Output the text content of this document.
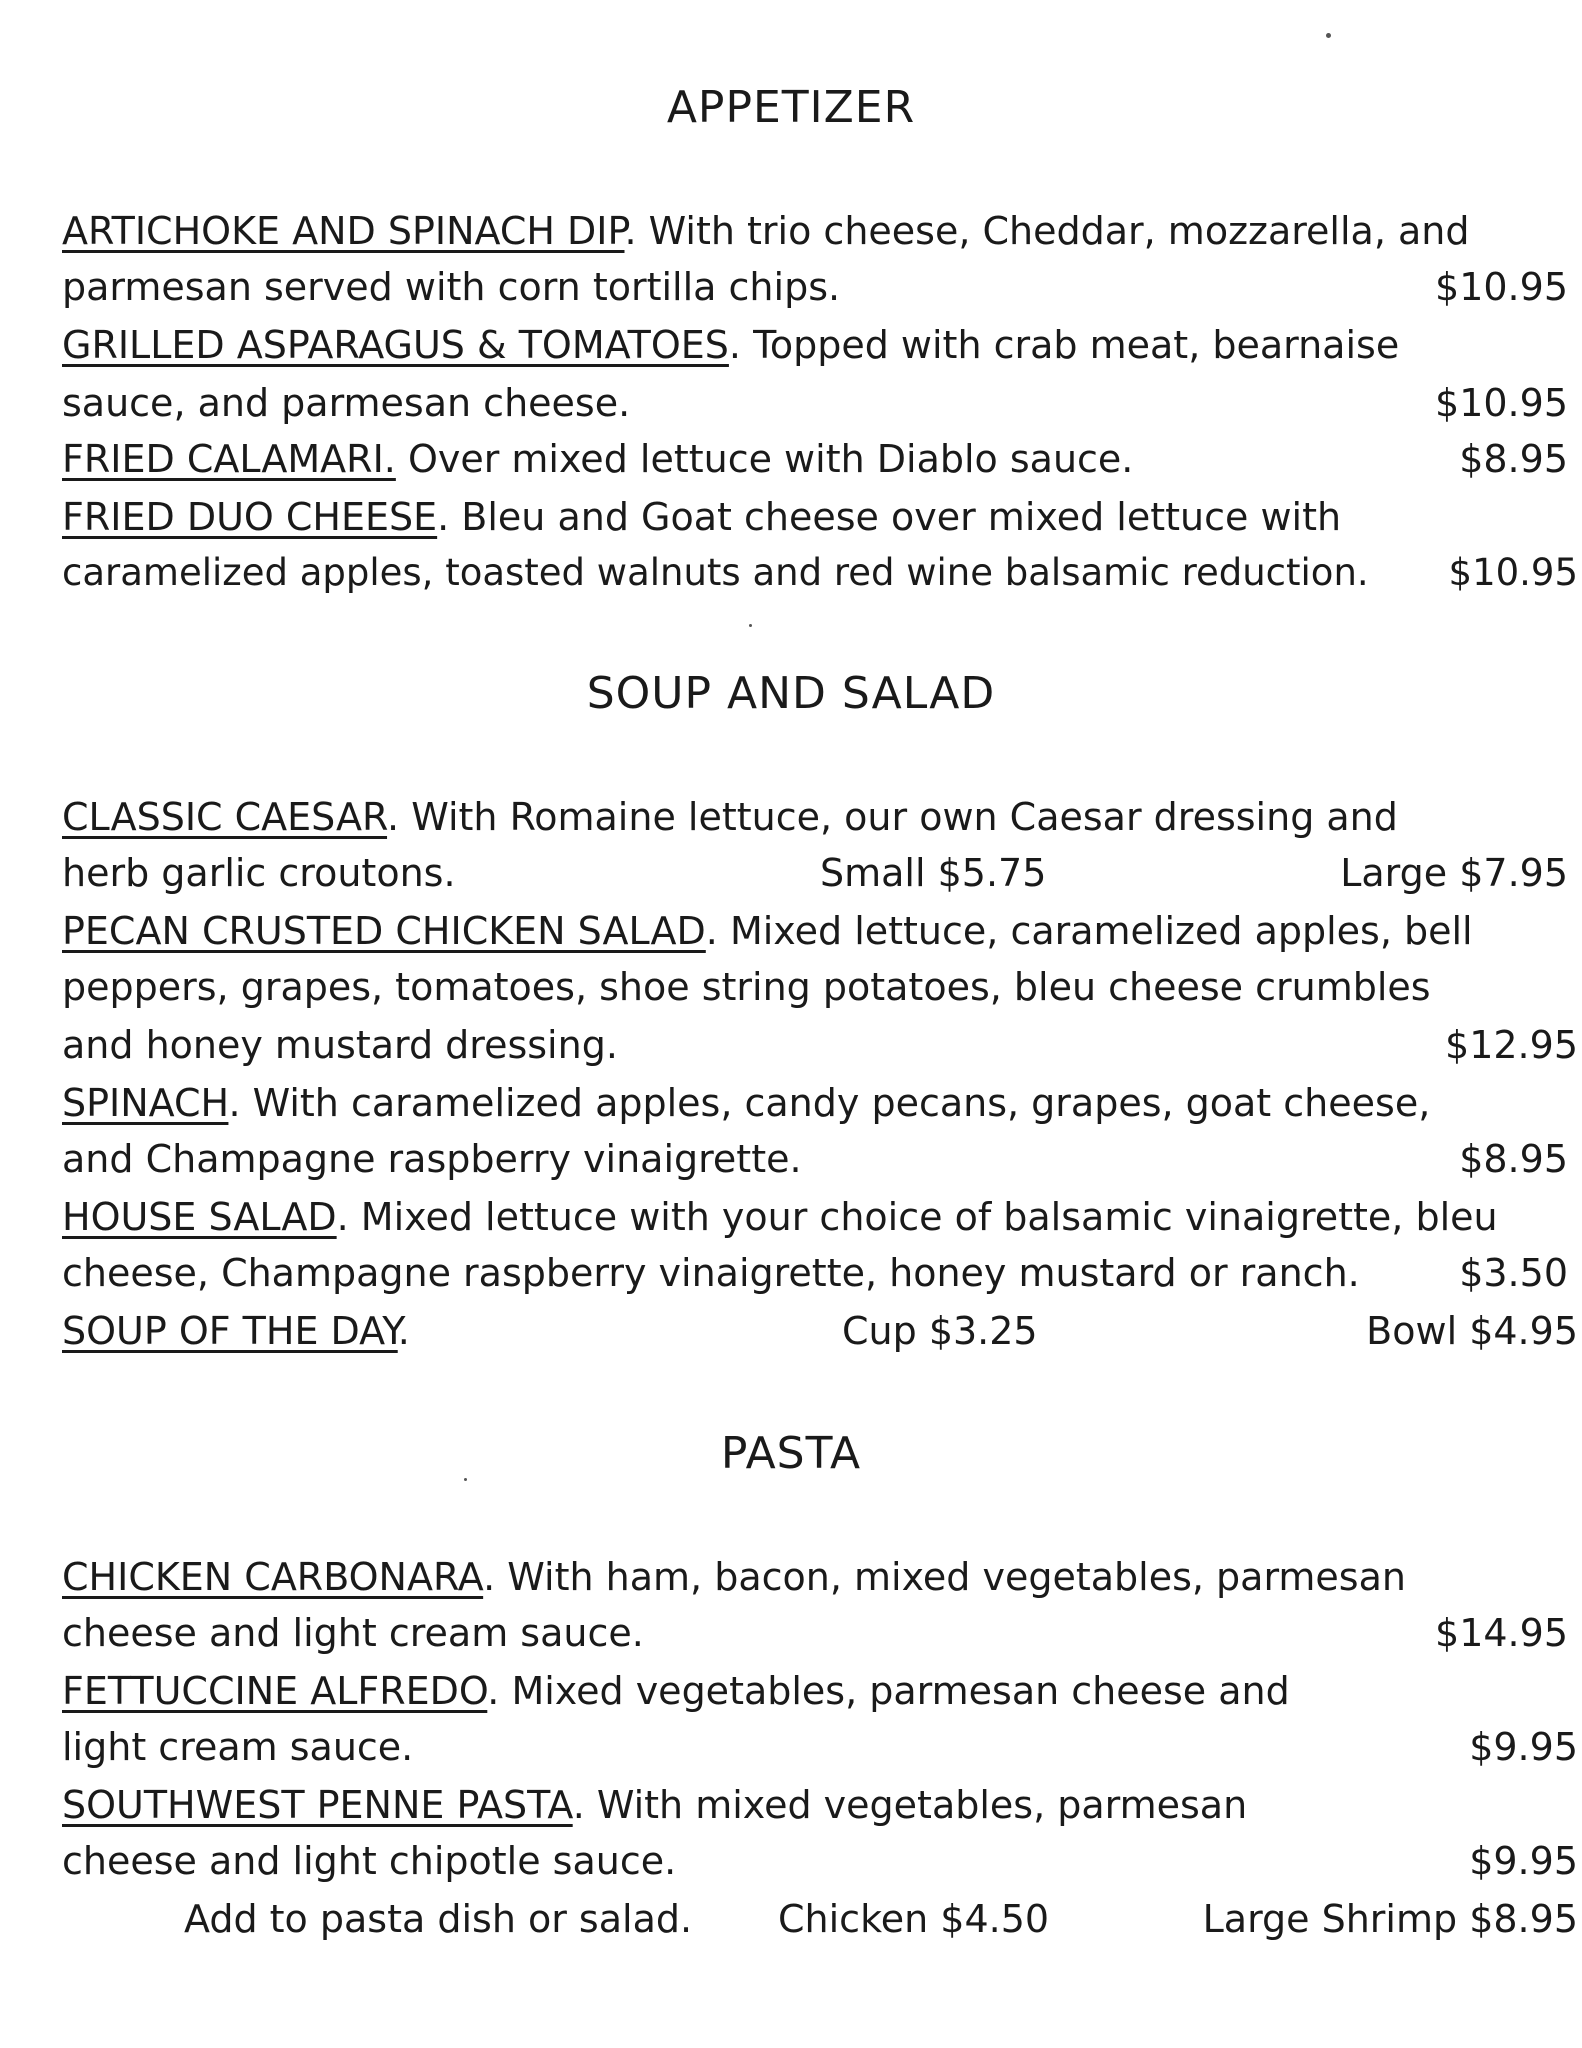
APPETIZER
ARTICHOKE AND SPINACH DIP. With trio cheese, Cheddar, mozzarella, and
parmesan served with corn tortilla chips.	$10.95
GRILLED ASPARAGUS & TOMATOES. Topped with crab meat, bearnaise
sauce, and parmesan cheese.	$10.95
FRIED CALAMARI. Over mixed lettuce with Diablo sauce.	$8.95
FRIED DUO CHEESE. Bleu and Goat cheese over mixed lettuce with
caramelized apples, toasted walnuts and red wine balsamic reduction. $10.95
SOUP AND SALAD
CLASSIC CAESAR. With Romaine lettuce, our own Caesar dressing and
herb garlic croutons.	Small $5.75	Large $7.95
PECAN CRUSTED CHICKEN SALAD. Mixed lettuce, caramelized apples, bell
peppers, grapes, tomatoes, shoe string potatoes, bleu cheese crumbles
and honey mustard dressing.	$12.95
SPINACH. With caramelized apples, candy pecans, grapes, goat cheese,
and Champagne raspberry vinaigrette.	$8.95
HOUSE SALAD. Mixed lettuce with your choice of balsamic vinaigrette, bleu
cheese, Champagne raspberry vinaigrette, honey mustard or ranch.	$3.50
SOUP OF THE DAY.	Cup $3.25	Bowl $4.95
PASTA
CHICKEN CARBONARA. With ham, bacon, mixed vegetables, parmesan
cheese and light cream sauce.	$14.95
FETTUCCINE ALFREDO. Mixed vegetables, parmesan cheese and
light cream sauce.	$9.95
SOUTHWEST PENNE PASTA. With mixed vegetables, parmesan
cheese and light chipotle sauce.	$9.95
Add to pasta dish or salad. Chicken $4.50	Large Shrimp $8.95
